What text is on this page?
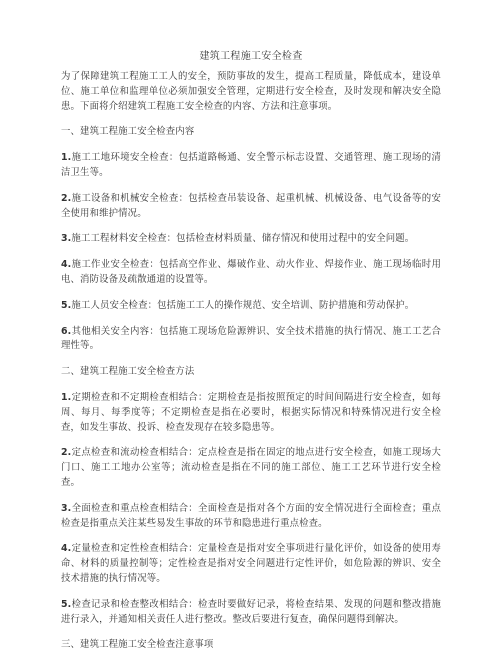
建筑工程施工安全检查

为了保障建筑工程施工工人的安全，预防事故的发生，提高工程质量，降低成本，建设单位、施工单位和监理单位必须加强安全管理，定期进行安全检查，及时发现和解决安全隐患。下面将介绍建筑工程施工安全检查的内容、方法和注意事项。

一、建筑工程施工安全检查内容

1.施工工地环境安全检查：包括道路畅通、安全警示标志设置、交通管理、施工现场的清洁卫生等。

2.施工设备和机械安全检查：包括检查吊装设备、起重机械、机械设备、电气设备等的安全使用和维护情况。

3.施工工程材料安全检查：包括检查材料质量、储存情况和使用过程中的安全问题。

4.施工作业安全检查：包括高空作业、爆破作业、动火作业、焊接作业、施工现场临时用电、消防设备及疏散通道的设置等。

5.施工人员安全检查：包括施工工人的操作规范、安全培训、防护措施和劳动保护。

6.其他相关安全内容：包括施工现场危险源辨识、安全技术措施的执行情况、施工工艺合理性等。

二、建筑工程施工安全检查方法

1.定期检查和不定期检查相结合：定期检查是指按照预定的时间间隔进行安全检查，如每周、每月、每季度等；不定期检查是指在必要时，根据实际情况和特殊情况进行安全检查，如发生事故、投诉、检查发现存在较多隐患等。

2.定点检查和流动检查相结合：定点检查是指在固定的地点进行安全检查，如施工现场大门口、施工工地办公室等；流动检查是指在不同的施工部位、施工工艺环节进行安全检查。

3.全面检查和重点检查相结合：全面检查是指对各个方面的安全情况进行全面检查；重点检查是指重点关注某些易发生事故的环节和隐患进行重点检查。

4.定量检查和定性检查相结合：定量检查是指对安全事项进行量化评价，如设备的使用寿命、材料的质量控制等；定性检查是指对安全问题进行定性评价，如危险源的辨识、安全技术措施的执行情况等。

5.检查记录和检查整改相结合：检查时要做好记录，将检查结果、发现的问题和整改措施进行录入，并通知相关责任人进行整改。整改后要进行复查，确保问题得到解决。

三、建筑工程施工安全检查注意事项
